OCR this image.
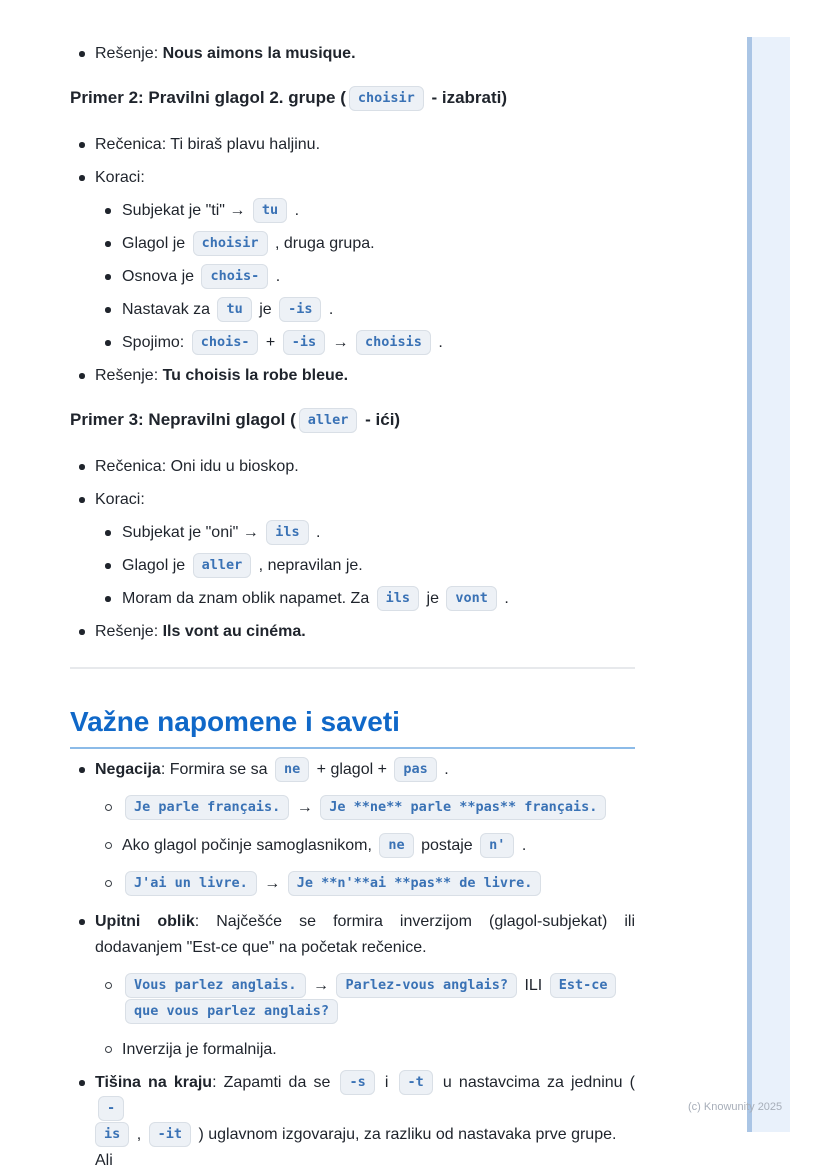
Rešenje: Nous aimons la musique.
Primer 2: Pravilni glagol 2. grupe ( choisir - izabrati)
Rečenica: Ti biraš plavu haljinu.
Koraci:
Subjekat je "ti" → tu .
Glagol je choisir , druga grupa.
Osnova je chois- .
Nastavak za tu je -is .
Spojimo: chois- + -is → choisis .
Rešenje: Tu choisis la robe bleue.
Primer 3: Nepravilni glagol ( aller - ići)
Rečenica: Oni idu u bioskop.
Koraci:
Subjekat je "oni" → ils .
Glagol je aller , nepravilan je.
Moram da znam oblik napamet. Za ils je vont .
Rešenje: Ils vont au cinéma.
Važne napomene i saveti
Negacija: Formira se sa ne + glagol + pas .
Je parle français. → Je **ne** parle **pas** français.
Ako glagol počinje samoglasnikom, ne postaje n' .
J'ai un livre. → Je **n'**ai **pas** de livre.
Upitni oblik: Najčešće se formira inverzijom (glagol-subjekat) ili
dodavanjem "Est-ce que" na početak rečenice.
Vous parlez anglais. → Parlez-vous anglais? ILI Est-ce
que vous parlez anglais?
Inverzija je formalnija.
Tišina na kraju: Zapamti da se -s i -t u nastavcima za jedninu ( -
is , -it ) uglavnom izgovaraju, za razliku od nastavaka prve grupe. Ali
(c) Knowunity 2025
